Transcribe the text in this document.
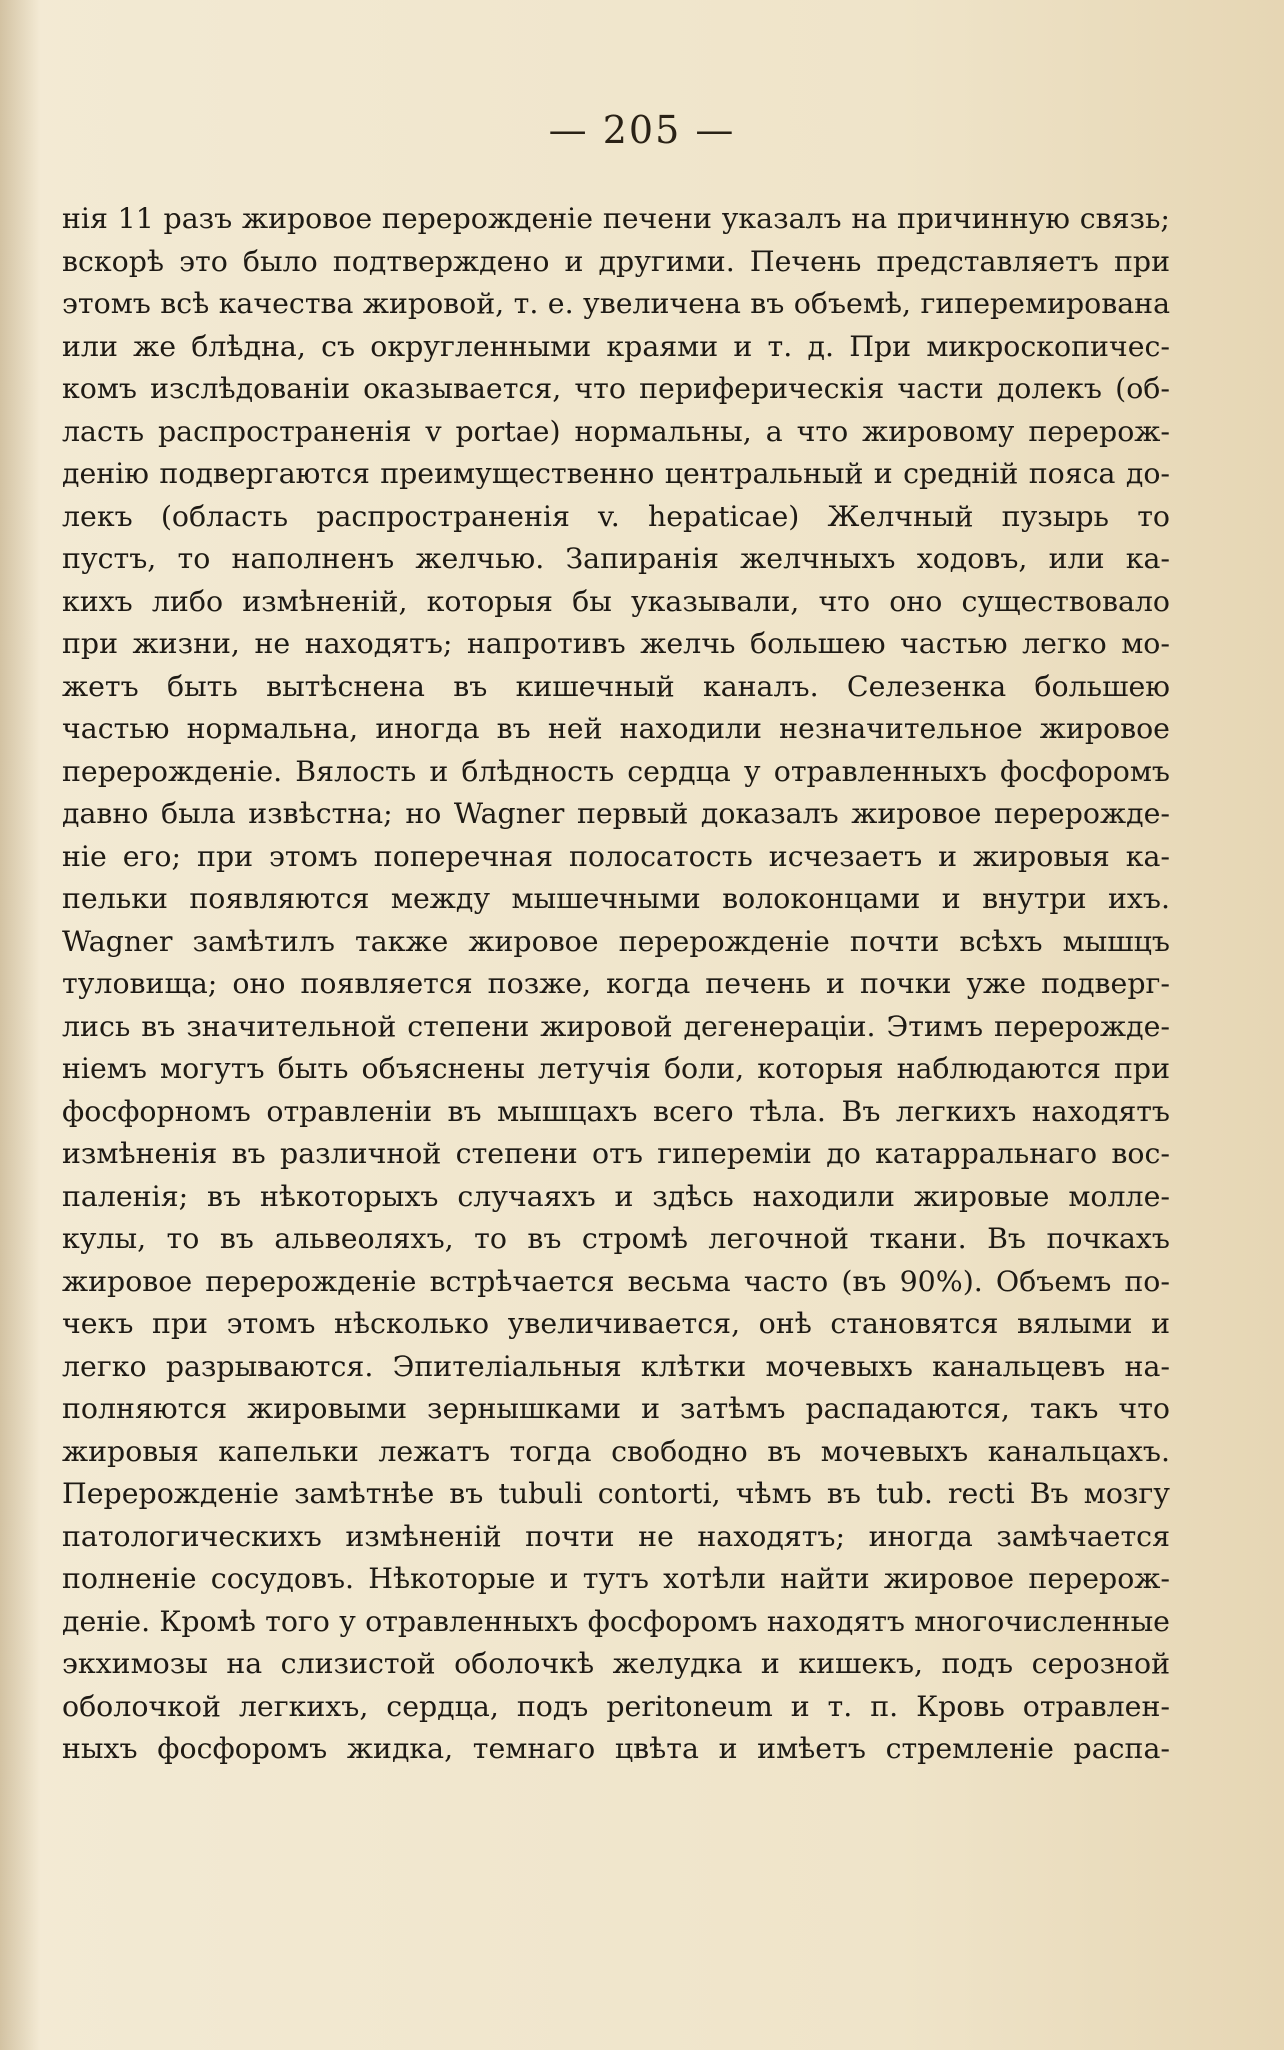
— 205 —
нія 11 разъ жировое перерожденіе печени указалъ на причинную связь;
вскорѣ это было подтверждено и другими. Печень представляетъ при
этомъ всѣ качества жировой, т. е. увеличена въ объемѣ, гиперемирована
или же блѣдна, съ округленными краями и т. д. При микроскопичес-
комъ изслѣдованіи оказывается, что периферическія части долекъ (об-
ласть распространенія v portae) нормальны, а что жировому перерож-
денію подвергаются преимущественно центральный и средній пояса до-
лекъ (область распространенія v. hepaticae) Желчный пузырь то
пустъ, то наполненъ желчью. Запиранія желчныхъ ходовъ, или ка-
кихъ либо измѣненій, которыя бы указывали, что оно существовало
при жизни, не находятъ; напротивъ желчь большею частью легко мо-
жетъ быть вытѣснена въ кишечный каналъ. Селезенка большею
частью нормальна, иногда въ ней находили незначительное жировое
перерожденіе. Вялость и блѣдность сердца у отравленныхъ фосфоромъ
давно была извѣстна; но Wagner первый доказалъ жировое перерожде-
ніе его; при этомъ поперечная полосатость исчезаетъ и жировыя ка-
пельки появляются между мышечными волоконцами и внутри ихъ.
Wagner замѣтилъ также жировое перерожденіе почти всѣхъ мышцъ
туловища; оно появляется позже, когда печень и почки уже подверг-
лись въ значительной степени жировой дегенераціи. Этимъ перерожде-
ніемъ могутъ быть объяснены летучія боли, которыя наблюдаются при
фосфорномъ отравленіи въ мышцахъ всего тѣла. Въ легкихъ находятъ
измѣненія въ различной степени отъ гипереміи до катарральнаго вос-
паленія; въ нѣкоторыхъ случаяхъ и здѣсь находили жировые молле-
кулы, то въ альвеоляхъ, то въ стромѣ легочной ткани. Въ почкахъ
жировое перерожденіе встрѣчается весьма часто (въ 90%). Объемъ по-
чекъ при этомъ нѣсколько увеличивается, онѣ становятся вялыми и
легко разрываются. Эпителіальныя клѣтки мочевыхъ канальцевъ на-
полняются жировыми зернышками и затѣмъ распадаются, такъ что
жировыя капельки лежатъ тогда свободно въ мочевыхъ канальцахъ.
Перерожденіе замѣтнѣе въ tubuli contorti, чѣмъ въ tub. recti Въ мозгу
патологическихъ измѣненій почти не находятъ; иногда замѣчается
полненіе сосудовъ. Нѣкоторые и тутъ хотѣли найти жировое перерож-
деніе. Кромѣ того у отравленныхъ фосфоромъ находятъ многочисленные
экхимозы на слизистой оболочкѣ желудка и кишекъ, подъ серозной
оболочкой легкихъ, сердца, подъ peritoneum и т. п. Кровь отравлен-
ныхъ фосфоромъ жидка, темнаго цвѣта и имѣетъ стремленіе распа-
